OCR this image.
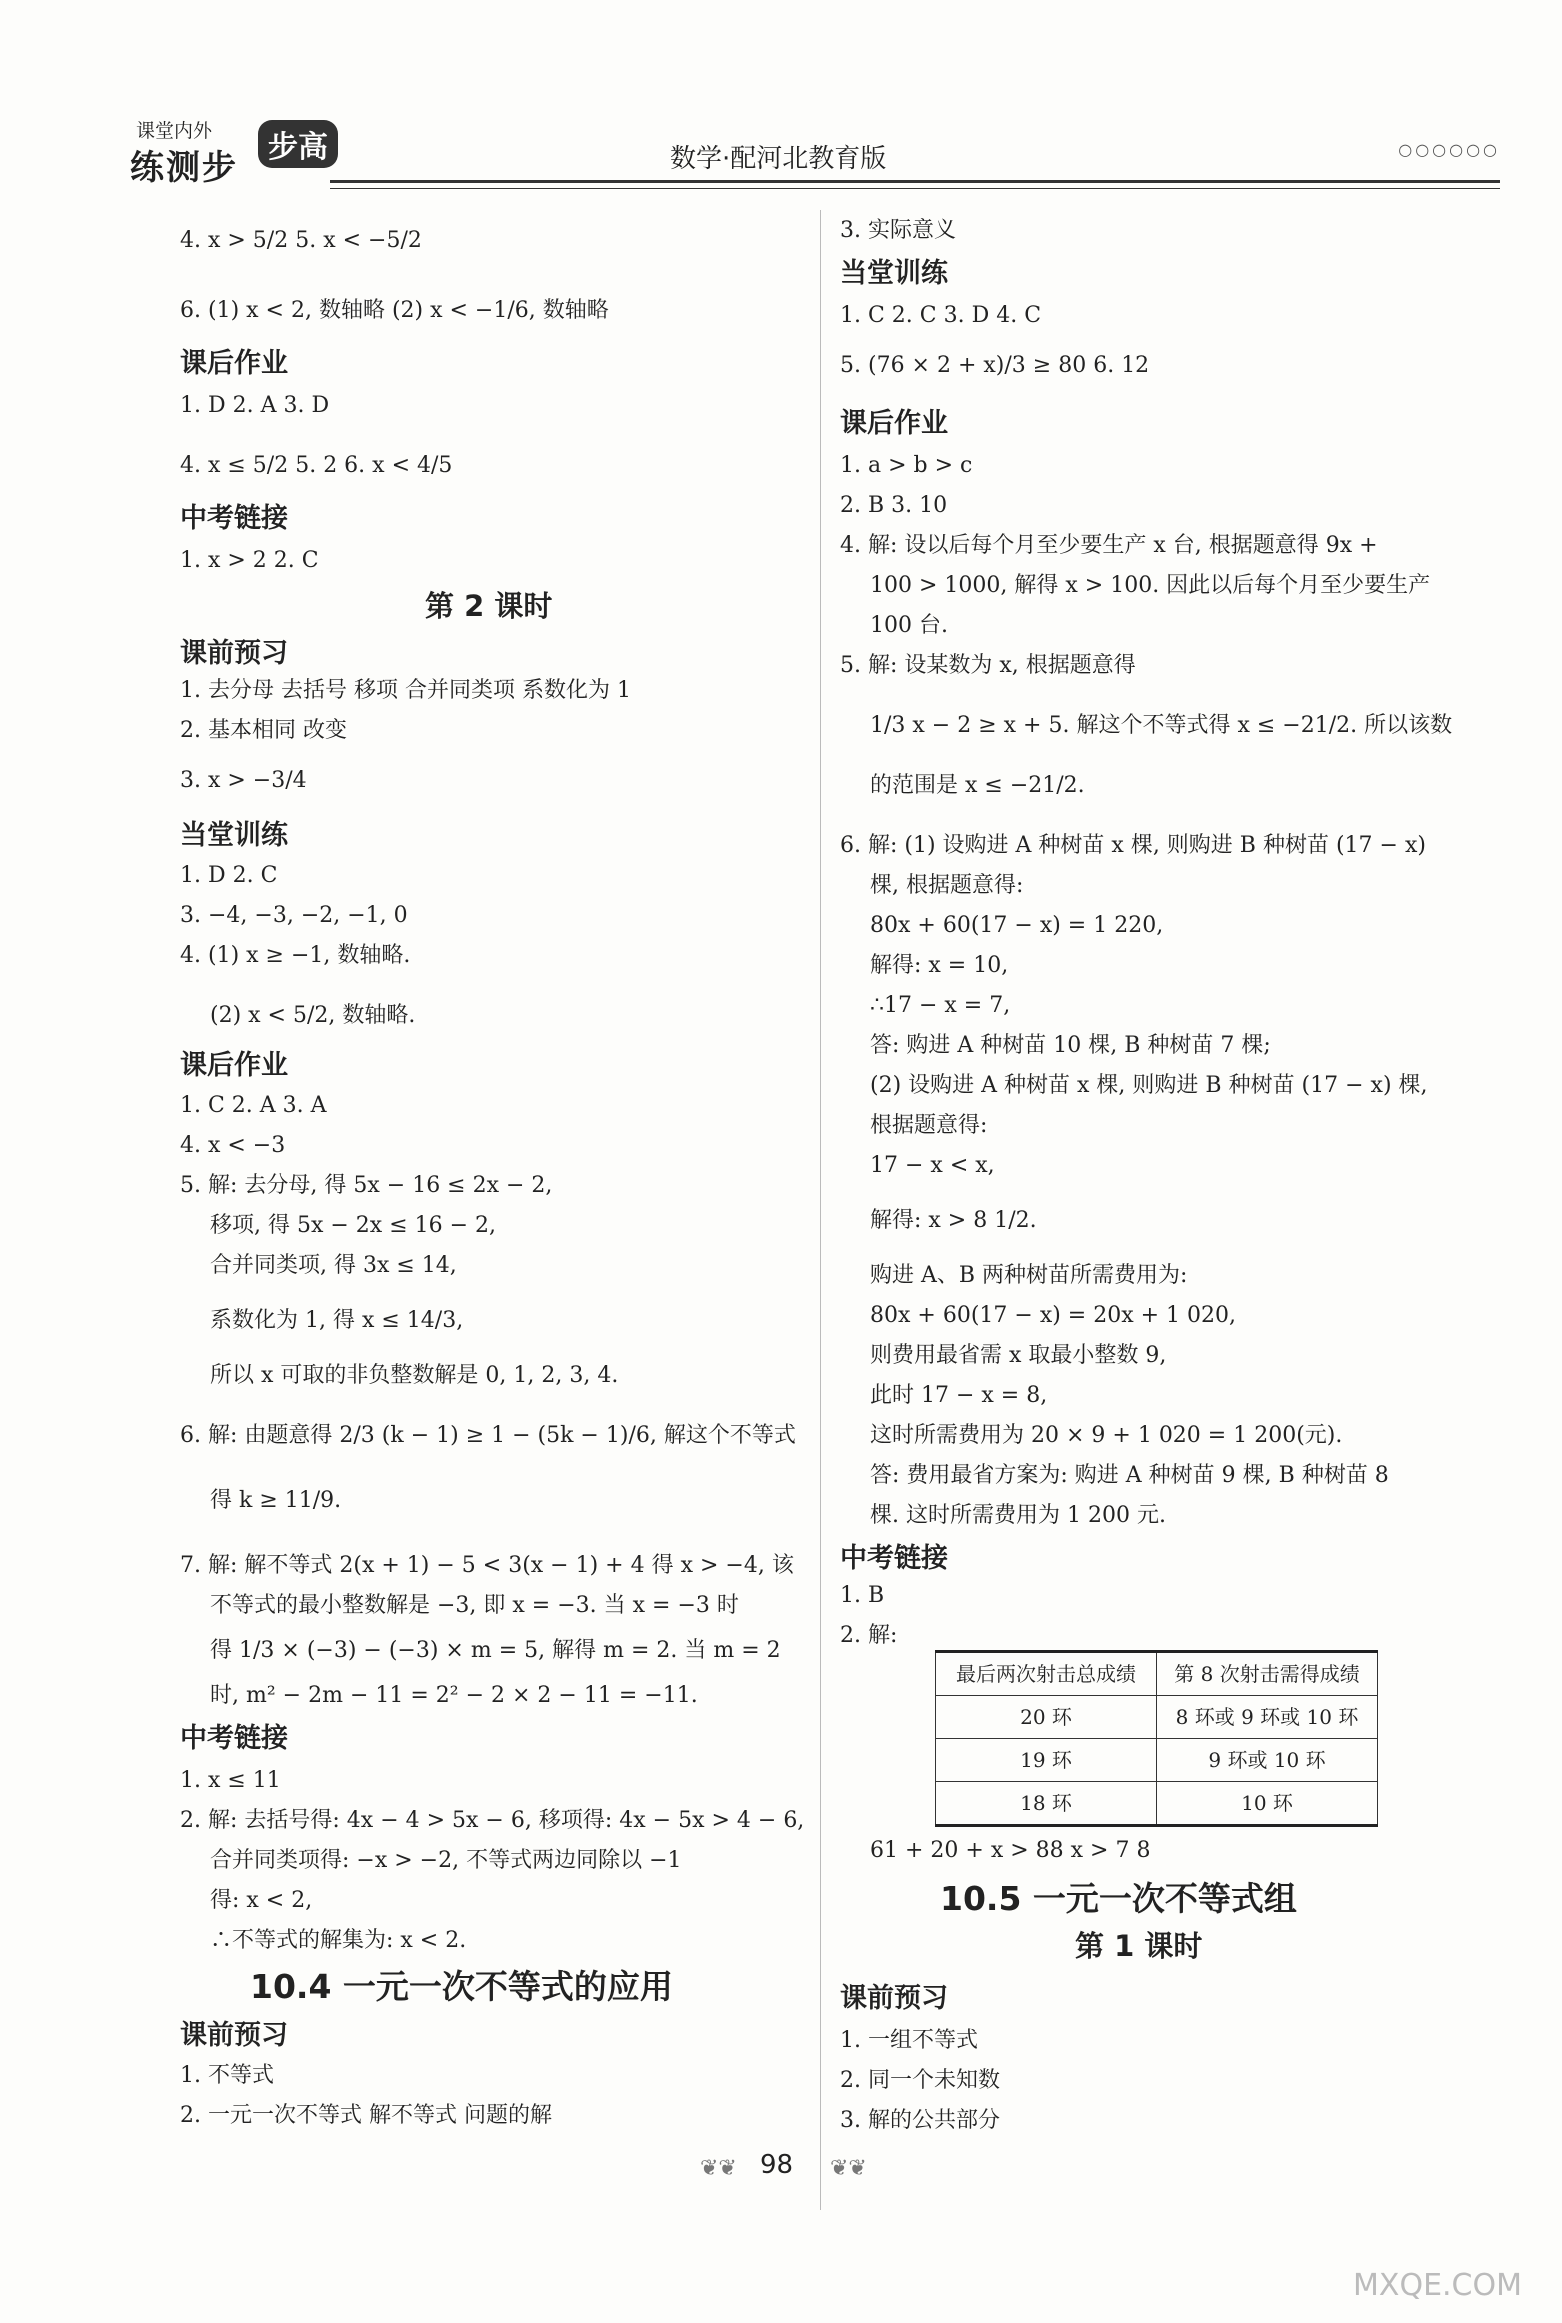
课堂内外
练测步
步高	数学·配河北教育版	○○○○○○
4. x > 5/2 5. x < −5/2
6. (1) x < 2, 数轴略 (2) x < −1/6, 数轴略
课后作业
1. D 2. A 3. D
4. x ≤ 5/2 5. 2 6. x < 4/5
中考链接
1. x > 2 2. C
第 2 课时
课前预习
1. 去分母 去括号 移项 合并同类项 系数化为 1
2. 基本相同 改变
3. x > −3/4
当堂训练
1. D 2. C
3. −4, −3, −2, −1, 0
4. (1) x ≥ −1, 数轴略.
(2) x < 5/2, 数轴略.
课后作业
1. C 2. A 3. A
4. x < −3
5. 解: 去分母, 得 5x − 16 ≤ 2x − 2,
移项, 得 5x − 2x ≤ 16 − 2,
合并同类项, 得 3x ≤ 14,
系数化为 1, 得 x ≤ 14/3,
所以 x 可取的非负整数解是 0, 1, 2, 3, 4.
6. 解: 由题意得 2/3 (k − 1) ≥ 1 − (5k − 1)/6, 解这个不等式
得 k ≥ 11/9.
7. 解: 解不等式 2(x + 1) − 5 < 3(x − 1) + 4 得 x > −4, 该
不等式的最小整数解是 −3, 即 x = −3. 当 x = −3 时
得 1/3 × (−3) − (−3) × m = 5, 解得 m = 2. 当 m = 2
时, m² − 2m − 11 = 2² − 2 × 2 − 11 = −11.
中考链接
1. x ≤ 11
2. 解: 去括号得: 4x − 4 > 5x − 6, 移项得: 4x − 5x > 4 − 6,
合并同类项得: −x > −2, 不等式两边同除以 −1
得: x < 2,
∴不等式的解集为: x < 2.
10.4 一元一次不等式的应用
课前预习
1. 不等式
2. 一元一次不等式 解不等式 问题的解
3. 实际意义
当堂训练
1. C 2. C 3. D 4. C
5. (76 × 2 + x)/3 ≥ 80 6. 12
课后作业
1. a > b > c
2. B 3. 10
4. 解: 设以后每个月至少要生产 x 台, 根据题意得 9x +
100 > 1000, 解得 x > 100. 因此以后每个月至少要生产
100 台.
5. 解: 设某数为 x, 根据题意得
1/3 x − 2 ≥ x + 5. 解这个不等式得 x ≤ −21/2. 所以该数
的范围是 x ≤ −21/2.
6. 解: (1) 设购进 A 种树苗 x 棵, 则购进 B 种树苗 (17 − x)
棵, 根据题意得:
80x + 60(17 − x) = 1 220,
解得: x = 10,
∴17 − x = 7,
答: 购进 A 种树苗 10 棵, B 种树苗 7 棵;
(2) 设购进 A 种树苗 x 棵, 则购进 B 种树苗 (17 − x) 棵,
根据题意得:
17 − x < x,
解得: x > 8 1/2.
购进 A、B 两种树苗所需费用为:
80x + 60(17 − x) = 20x + 1 020,
则费用最省需 x 取最小整数 9,
此时 17 − x = 8,
这时所需费用为 20 × 9 + 1 020 = 1 200(元).
答: 费用最省方案为: 购进 A 种树苗 9 棵, B 种树苗 8
棵. 这时所需费用为 1 200 元.
中考链接
1. B
2. 解:
最后两次射击总成绩	第 8 次射击需得成绩
20 环	8 环或 9 环或 10 环
19 环	9 环或 10 环
18 环	10 环
61 + 20 + x > 88 x > 7 8
10.5 一元一次不等式组
第 1 课时
课前预习
1. 一组不等式
2. 同一个未知数
3. 解的公共部分
❦❦ 98 ❦❦
MXQE.COM
